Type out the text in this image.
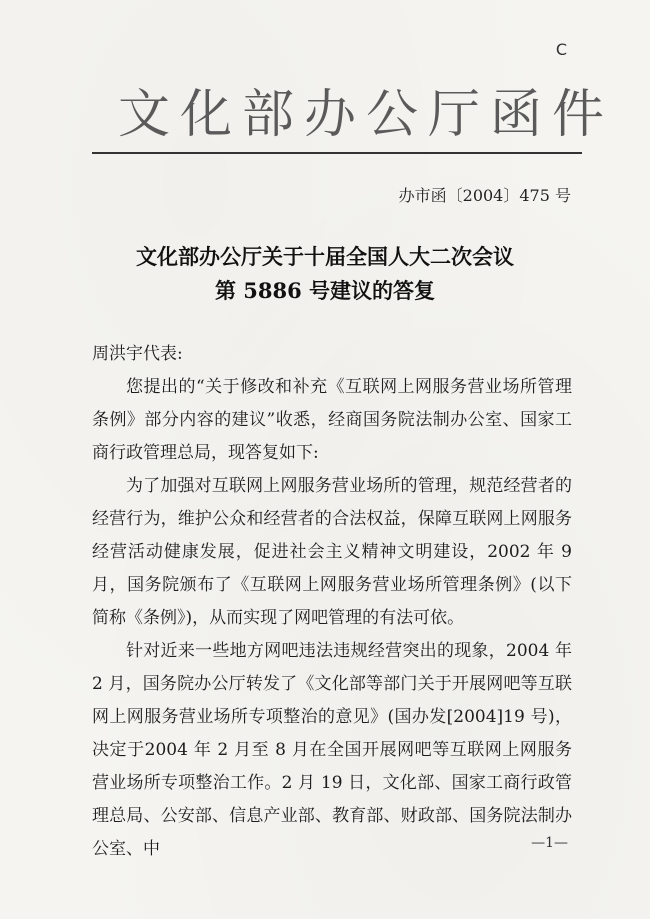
C
文化部办公厅函件
办市函〔2004〕475 号
文化部办公厅关于十届全国人大二次会议
第 5886 号建议的答复

周洪宇代表:

您提出的“关于修改和补充《互联网上网服务营业场所管理条例》部分内容的建议”收悉，经商国务院法制办公室、国家工商行政管理总局，现答复如下:

为了加强对互联网上网服务营业场所的管理，规范经营者的经营行为，维护公众和经营者的合法权益，保障互联网上网服务经营活动健康发展，促进社会主义精神文明建设，2002 年 9 月，国务院颁布了《互联网上网服务营业场所管理条例》(以下简称《条例》)，从而实现了网吧管理的有法可依。

针对近来一些地方网吧违法违规经营突出的现象，2004 年 2 月，国务院办公厅转发了《文化部等部门关于开展网吧等互联网上网服务营业场所专项整治的意见》(国办发[2004]19 号)，决定于2004 年 2 月至 8 月在全国开展网吧等互联网上网服务营业场所专项整治工作。2 月 19 日，文化部、国家工商行政管理总局、公安部、信息产业部、教育部、财政部、国务院法制办公室、中	—1—
